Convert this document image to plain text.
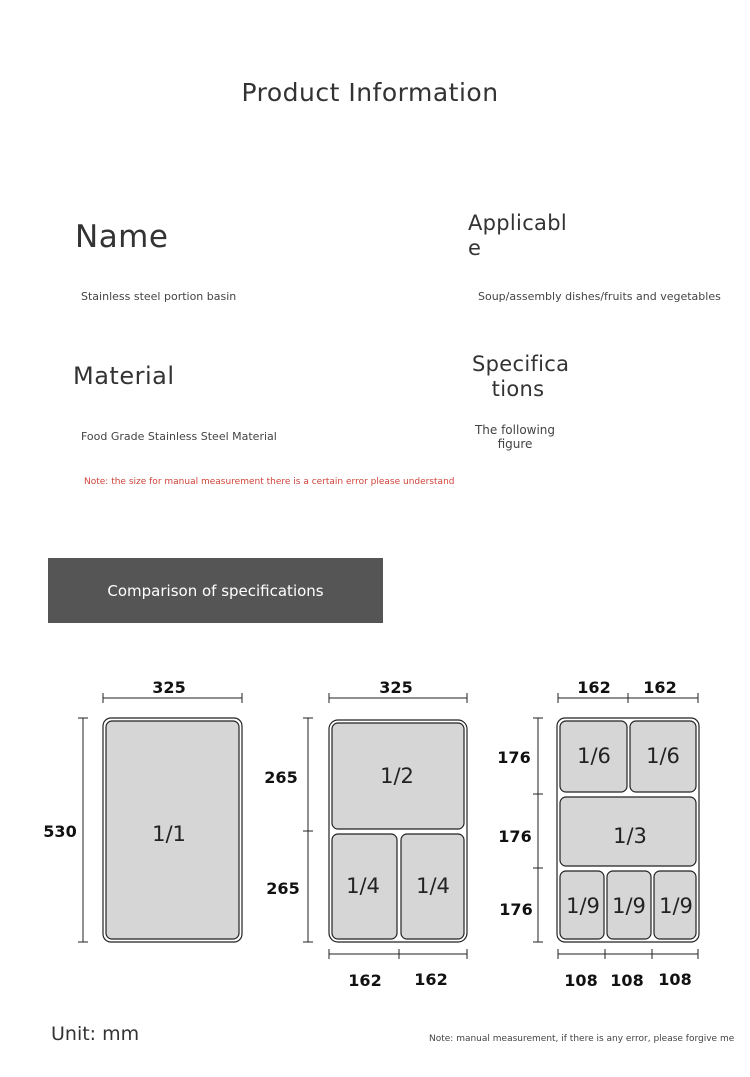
Product Information
Name
Stainless steel portion basin
Applicabl
e
Soup/assembly dishes/fruits and vegetables
Material
Food Grade Stainless Steel Material
Specifica
tions
The following
figure
Note: the size for manual measurement there is a certain error please understand
Comparison of specifications
325
530
325
265
265
162 162
162 162
176
176
176
108 108 108
1/1
1/2
1/4 1/4
1/6 1/6
1/3
1/9 1/9 1/9
Unit: mm	Note: manual measurement, if there is any error, please forgive me
